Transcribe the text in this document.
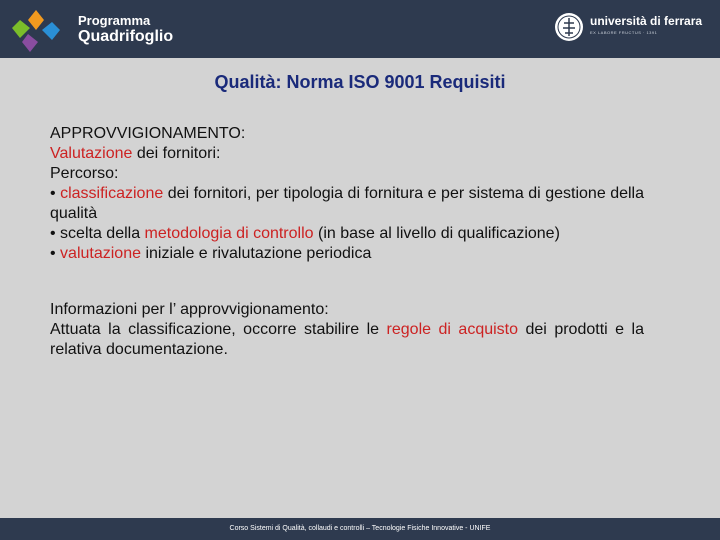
Programma
Quadrifoglio
università di ferrara
EX LABORE FRUCTUS · 1391
Qualità: Norma ISO 9001 Requisiti

APPROVVIGIONAMENTO:

Valutazione dei fornitori:

Percorso:

• classificazione dei fornitori, per tipologia di fornitura e per sistema di gestione della qualità

• scelta della metodologia di controllo (in base al livello di qualificazione)

• valutazione iniziale e rivalutazione periodica

Informazioni per l’ approvvigionamento:

Attuata la classificazione, occorre stabilire le regole di acquisto dei prodotti e la relativa documentazione.

Corso Sistemi di Qualità, collaudi e controlli – Tecnologie Fisiche Innovative - UNIFE
